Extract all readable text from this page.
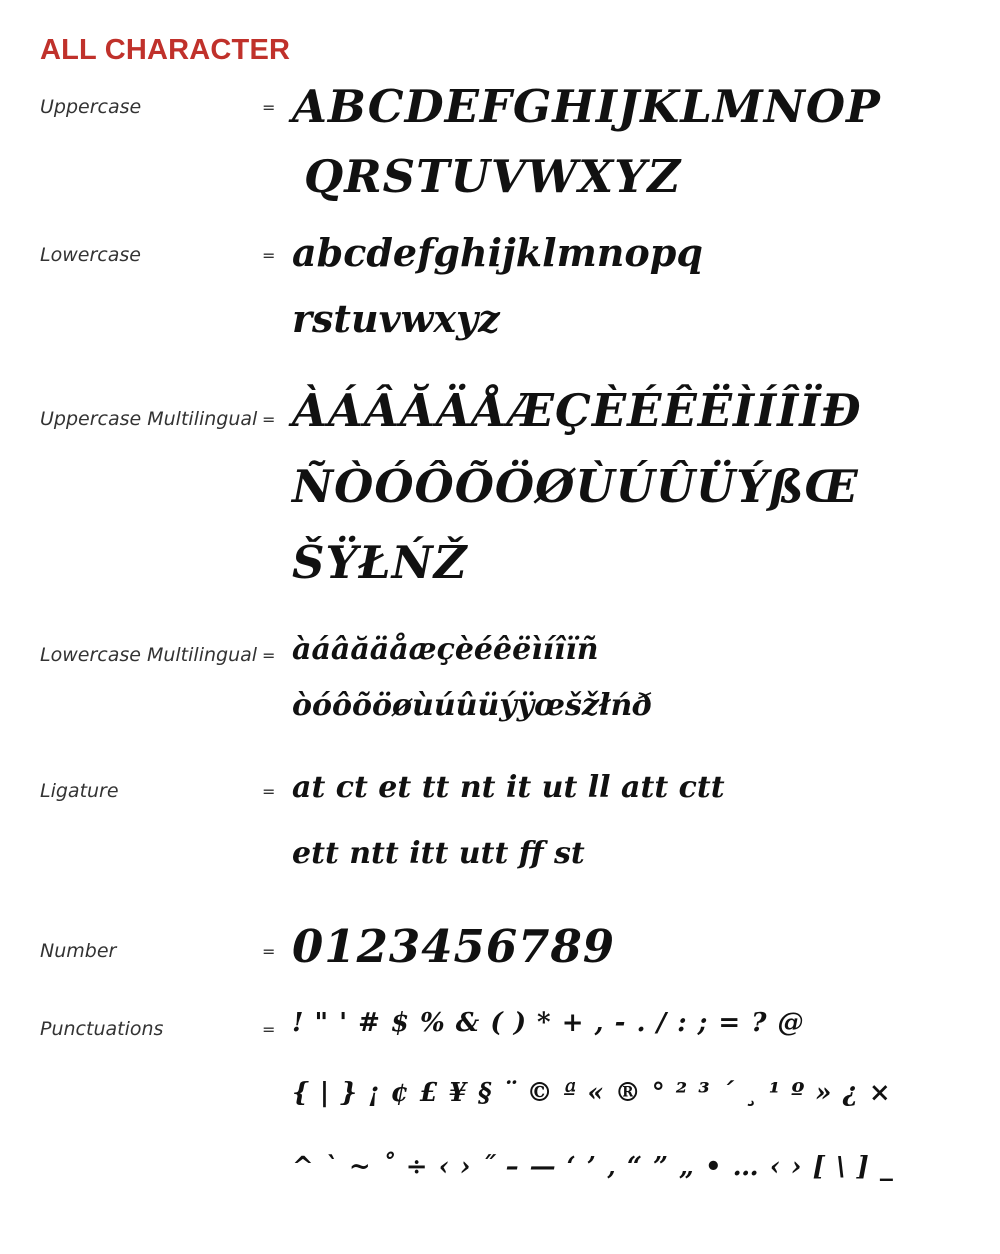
ALL CHARACTER
Uppercase	= ABCDEFGHIJKLMNOP
QRSTUVWXYZ
Lowercase	= abcdefghijklmnopq
rstuvwxyz
Uppercase Multilingual = ÀÁÂĂÄÅÆÇÈÉÊËÌÍÎÏÐ
ÑÒÓÔÕÖØÙÚÛÜÝßŒ
ŠŸŁŃŽ
Lowercase Multilingual = àáâăäåæçèéêëìíîïñ
òóôõöøùúûüýÿœšžłńð
Ligature	= at ct et tt nt it ut ll att ctt
ett ntt itt utt ff st
Number	= 0123456789
Punctuations	= ! " ' # $ % & ( ) * + , - . / : ; = ? @
{ | } ¡ ¢ £ ¥ § ¨ © ª « ® ° ² ³ ´ ¸ ¹ º » ¿ ×
^ ` ~ ˚ ÷ ‹ › ˝ – — ‘ ’ ‚ “ ” „ • … ‹ › [ \ ] _
